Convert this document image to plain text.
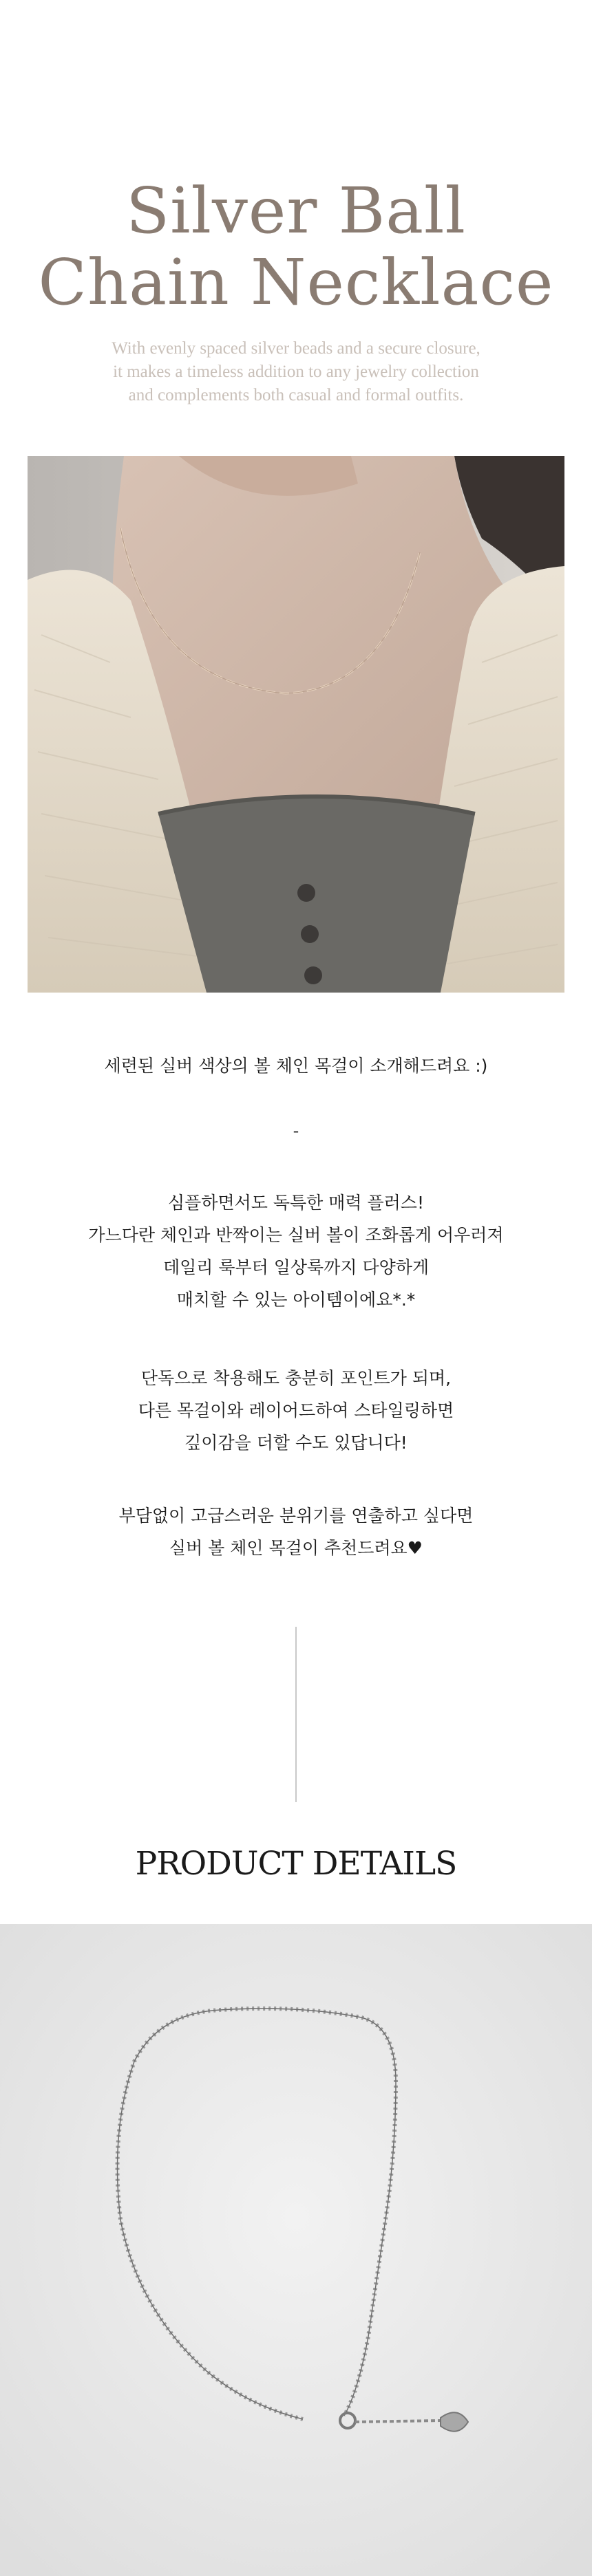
Silver Ball
Chain Necklace
With evenly spaced silver beads and a secure closure,
it makes a timeless addition to any jewelry collection
and complements both casual and formal outfits.
세련된 실버 색상의 볼 체인 목걸이 소개해드려요 :)
-
심플하면서도 독특한 매력 플러스!
가느다란 체인과 반짝이는 실버 볼이 조화롭게 어우러져
데일리 룩부터 일상룩까지 다양하게
매치할 수 있는 아이템이에요*.*
단독으로 착용해도 충분히 포인트가 되며,
다른 목걸이와 레이어드하여 스타일링하면
깊이감을 더할 수도 있답니다!
부담없이 고급스러운 분위기를 연출하고 싶다면
실버 볼 체인 목걸이 추천드려요♥
PRODUCT DETAILS
